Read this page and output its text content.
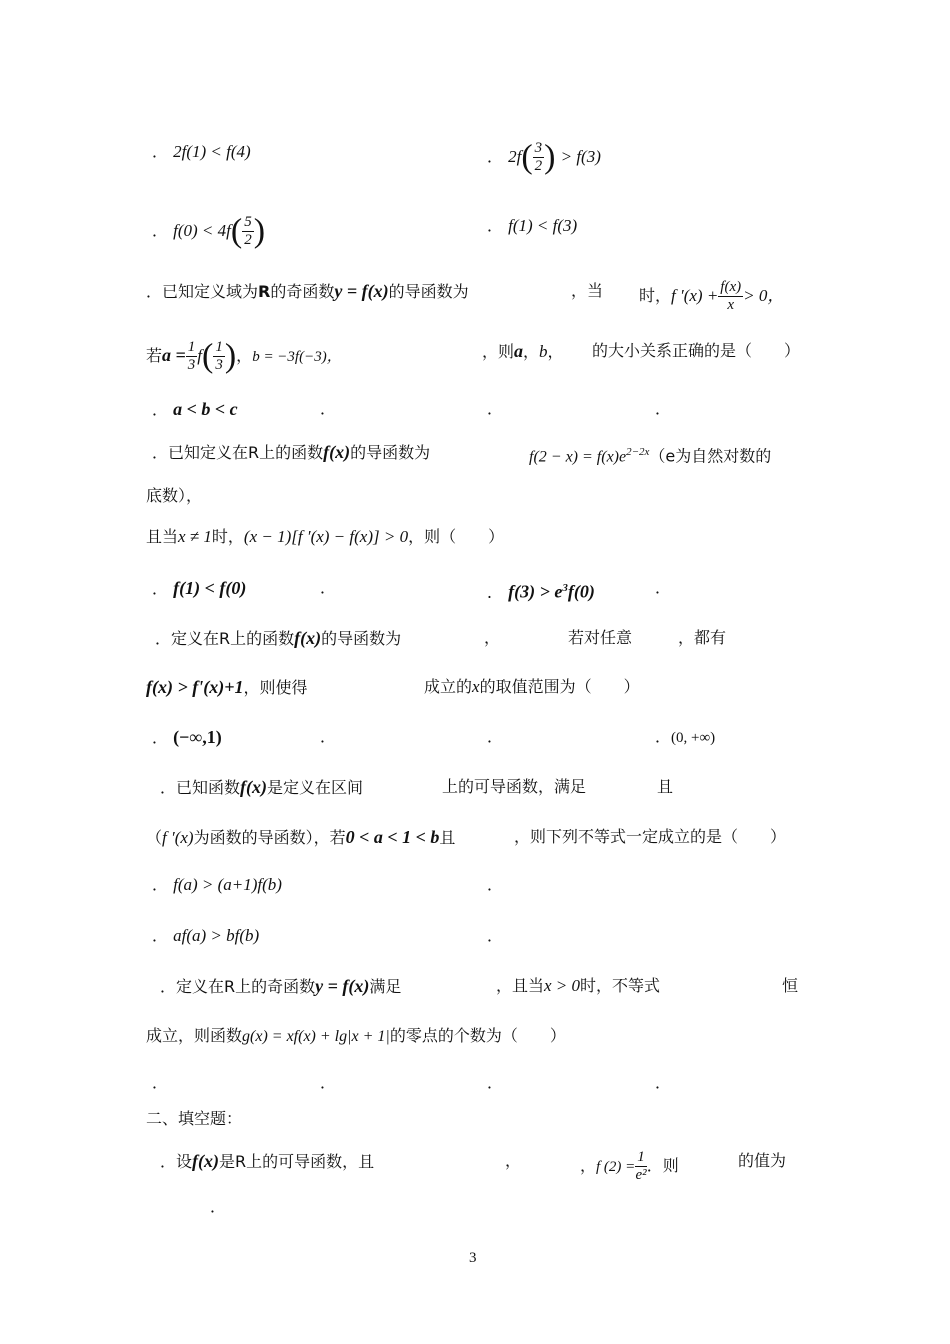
． 2f(1) < f(4)	． $2f( \frac{3}{2}$ ) > f(3)
． $f(0) < 4f( \frac{5}{2}$ )	． f(1) < f(3)
．已知定义域为R的奇函数y = f(x)的导函数为	，当 时，f $'(x) + \frac{f(x)}{x} > 0$，
若$a = \frac{1}{3} f( \frac{1}{3}$ )，b = −3f(−3)，	，则a，b， 的大小关系正确的是（　　）
． a < b < c	．	．	．
．已知定义在R上的函数f(x)的导函数为	$f(2 - x) = f(x)e^{2-2x}(e$为自然对数的
底数），
且当x ≠ 1时，(x − 1)[f ′(x) − f(x)] > 0，则（　　）
． f(1) < f(0)	．	． $f(3) > e^3f(0)$	．
．定义在R上的函数f(x)的导函数为	，	若对任意	，都有
f(x) > f'(x)+1，则使得	成立的x的取值范围为（　　）
． (−∞,1)	．	．	．(0, +∞)
．已知函数f(x)是定义在区间	上的可导函数，满足	且
（f ′(x)为函数的导函数），若0 < a < 1 < b且	，则下列不等式一定成立的是（　　）
． f(a) > (a+1)f(b)	．
． af(a) > bf(b)	．
．定义在R上的奇函数y = f(x)满足	，且当x > 0时，不等式	恒
成立，则函数g(x) = xf(x) + lg|x + 1|的零点的个数为（　　）
．	．	．	．
二、填空题：
．设f(x)是R上的可导函数，且	，	，f $(2) = \frac{1}{\text{e²}}$ ．则	的值为
．
3
